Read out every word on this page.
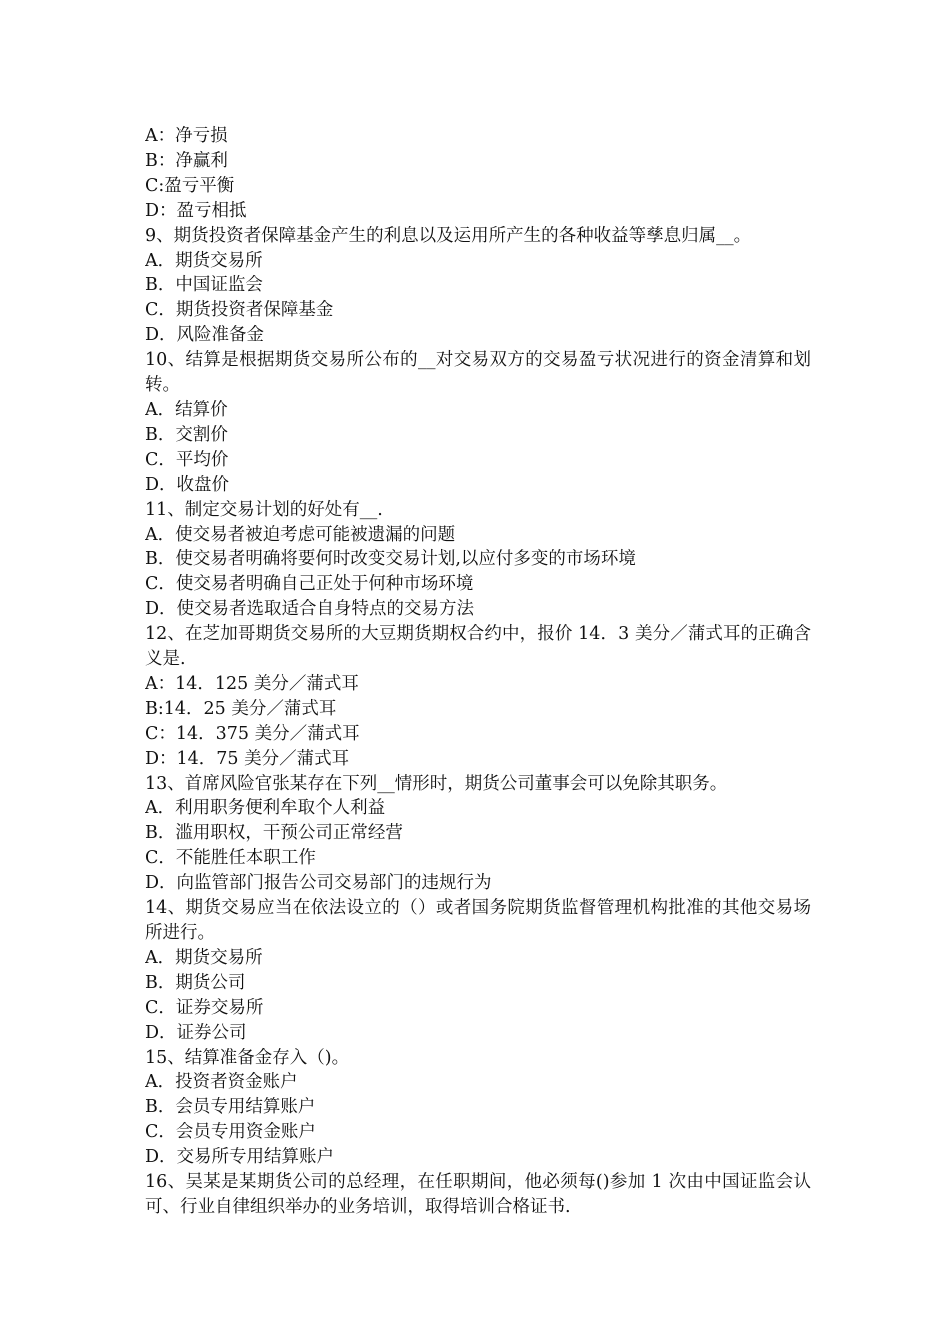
A：净亏损

B：净赢利

C:盈亏平衡

D：盈亏相抵

9、期货投资者保障基金产生的利息以及运用所产生的各种收益等孳息归属__。

A．期货交易所

B．中国证监会

C．期货投资者保障基金

D．风险准备金

10、结算是根据期货交易所公布的__对交易双方的交易盈亏状况进行的资金清算和划转。

A．结算价

B．交割价

C．平均价

D．收盘价

11、制定交易计划的好处有__.

A．使交易者被迫考虑可能被遗漏的问题

B．使交易者明确将要何时改变交易计划,以应付多变的市场环境

C．使交易者明确自己正处于何种市场环境

D．使交易者选取适合自身特点的交易方法

12、在芝加哥期货交易所的大豆期货期权合约中，报价 14．3 美分／蒲式耳的正确含义是.

A：14．125 美分／蒲式耳

B:14．25 美分／蒲式耳

C：14．375 美分／蒲式耳

D：14．75 美分／蒲式耳

13、首席风险官张某存在下列__情形时，期货公司董事会可以免除其职务。

A．利用职务便利牟取个人利益

B．滥用职权，干预公司正常经营

C．不能胜任本职工作

D．向监管部门报告公司交易部门的违规行为

14、期货交易应当在依法设立的（）或者国务院期货监督管理机构批准的其他交易场所进行。

A．期货交易所

B．期货公司

C．证券交易所

D．证券公司

15、结算准备金存入（)。

A．投资者资金账户

B．会员专用结算账户

C．会员专用资金账户

D．交易所专用结算账户

16、吴某是某期货公司的总经理，在任职期间，他必须每()参加 1 次由中国证监会认可、行业自律组织举办的业务培训，取得培训合格证书.
